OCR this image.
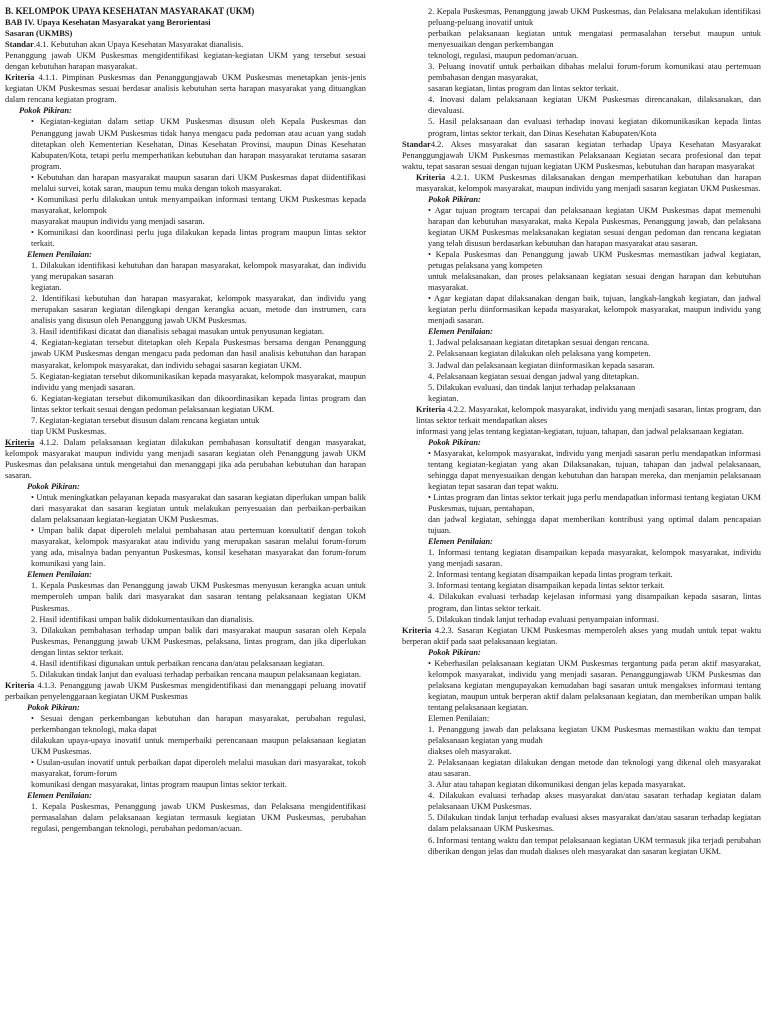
B. KELOMPOK UPAYA KESEHATAN MASYARAKAT (UKM)

BAB IV. Upaya Kesehatan Masyarakat yang Berorientasi

Sasaran (UKMBS)

Standar.4.1. Kebutuhan akan Upaya Kesehatan Masyarakat dianalisis.

Penanggung jawab UKM Puskesmas mengidentifikasi kegiatan-kegiatan UKM yang tersebut sesuai dengan kebutuhan harapan masyarakat.

Kriteria 4.1.1. Pimpinan Puskesmas dan Penanggungjawab UKM Puskesmas menetapkan jenis-jenis kegiatan UKM Puskesmas sesuai berdasar analisis kebutuhan serta harapan masyarakat yang dituangkan dalam rencana kegiatan program.

Pokok Pikiran:

• Kegiatan-kegiatan dalam setiap UKM Puskesmas disusun oleh Kepala Puskesmas dan Penanggung jawab UKM Puskesmas tidak hanya mengacu pada pedoman atau acuan yang sudah ditetapkan oleh Kementerian Kesehatan, Dinas Kesehatan Provinsi, maupun Dinas Kesehatan Kabupaten/Kota, tetapi perlu memperhatikan kebutuhan dan harapan masyarakat terutama sasaran program.

• Kebutuhan dan harapan masyarakat maupun sasaran dari UKM Puskesmas dapat diidentifikasi melalui survei, kotak saran, maupun temu muka dengan tokoh masyarakat.

• Komunikasi perlu dilakukan untuk menyampaikan informasi tentang UKM Puskesmas kepada masyarakat, kelompok

masyarakat maupun individu yang menjadi sasaran.

• Komunikasi dan koordinasi perlu juga dilakukan kepada lintas program maupun lintas sektor terkait.

Elemen Penilaian:

1. Dilakukan identifikasi kebutuhan dan harapan masyarakat, kelompok masyarakat, dan individu yang merupakan sasaran

kegiatan.

2. Identifikasi kebutuhan dan harapan masyarakat, kelompok masyarakat, dan individu yang merupakan sasaran kegiatan dilengkapi dengan kerangka acuan, metode dan instrumen, cara analisis yang disusun oleh Penanggung jawab UKM Puskesmas.

3. Hasil identifikasi dicatat dan dianalisis sebagai masukan untuk penyusunan kegiatan.

4. Kegiatan-kegiatan tersebut ditetapkan oleh Kepala Puskesmas bersama dengan Penanggung jawab UKM Puskesmas dengan mengacu pada pedoman dan hasil analisis kebutuhan dan harapan masyarakat, kelompok masyarakat, dan individu sebagai sasaran kegiatan UKM.

5. Kegiatan-kegiatan tersebut dikomunikasikan kepada masyarakat, kelompok masyarakat, maupun individu yang menjadi sasaran.

6. Kegiatan-kegiatan tersebut dikomunikasikan dan dikoordinasikan kepada lintas program dan lintas sektor terkait sesuai dengan pedoman pelaksanaan kegiatan UKM.

7. Kegiatan-kegiatan tersebut disusun dalam rencana kegiatan untuk

tiap UKM Puskesmas.

Kriteria 4.1.2. Dalam pelaksanaan kegiatan dilakukan pembahasan konsultatif dengan masyarakat, kelompok masyarakat maupun individu yang menjadi sasaran kegiatan oleh Penanggung jawab UKM Puskesmas dan pelaksana untuk mengetahui dan menanggapi jika ada perubahan kebutuhan dan harapan sasaran.

Pokok Pikiran:

• Untuk meningkatkan pelayanan kepada masyarakat dan sasaran kegiatan diperlukan umpan balik dari masyarakat dan sasaran kegiatan untuk melakukan penyesuaian dan perbaikan-perbaikan dalam pelaksanaan kegiatan-kegiatan UKM Puskesmas.

• Umpan balik dapat diperoleh melalui pembahasan atau pertemuan konsultatif dengan tokoh masyarakat, kelompok masyarakat atau individu yang merupakan sasaran melalui forum-forum yang ada, misalnya badan penyantun Puskesmas, konsil kesehatan masyarakat dan forum-forum komunikasi yang lain.

Elemen Penilaian:

1. Kepala Puskesmas dan Penanggung jawab UKM Puskesmas menyusun kerangka acuan untuk memperoleh umpan balik dari masyarakat dan sasaran tentang pelaksanaan kegiatan UKM Puskesmas.

2. Hasil identifikasi umpan balik didokumentasikan dan dianalisis.

3. Dilakukan pembahasan terhadap umpan balik dari masyarakat maupun sasaran oleh Kepala Puskesmas, Penanggung jawab UKM Puskesmas, pelaksana, lintas program, dan jika diperlukan dengan lintas sektor terkait.

4. Hasil identifikasi digunakan untuk perbaikan rencana dan/atau pelaksanaan kegiatan.

5. Dilakukan tindak lanjut dan evaluasi terhadap perbaikan rencana maupun pelaksanaan kegiatan.

Kriteria 4.1.3. Penanggung jawab UKM Puskesmas mengidentifikasi dan menanggapi peluang inovatif perbaikan penyelenggaraan kegiatan UKM Puskesmas

Pokok Pikiran:

• Sesuai dengan perkembangan kebutuhan dan harapan masyarakat, perubahan regulasi, perkembangan teknologi, maka dapat

dilakukan upaya-upaya inovatif untuk memperbaiki perencanaan maupun pelaksanaan kegiatan UKM Puskesmas.

• Usulan-usulan inovatif untuk perbaikan dapat diperoleh melalui masukan dari masyarakat, tokoh masyarakat, forum-forum

komunikasi dengan masyarakat, lintas program maupun lintas sektor terkait.

Elemen Penilaian:

1. Kepala Puskesmas, Penanggung jawab UKM Puskesmas, dan Pelaksana mengidentifikasi permasalahan dalam pelaksanaan kegiatan termasuk kegiatan UKM Puskesmas, perubahan regulasi, pengembangan teknologi, perubahan pedoman/acuan.

2. Kepala Puskesmas, Penanggung jawab UKM Puskesmas, dan Pelaksana melakukan identifikasi peluang-peluang inovatif untuk

perbaikan pelaksanaan kegiatan untuk mengatasi permasalahan tersebut maupun untuk menyesuaikan dengan perkembangan

teknologi, regulasi, maupun pedoman/acuan.

3. Peluang inovatif untuk perbaikan dibahas melalui forum-forum komunikasi atau pertemuan pembahasan dengan masyarakat,

sasaran kegiatan, lintas program dan lintas sektor terkait.

4. Inovasi dalam pelaksanaan kegiatan UKM Puskesmas direncanakan, dilaksanakan, dan dievaluasi.

5. Hasil pelaksanaan dan evaluasi terhadap inovasi kegiatan dikomunikasikan kepada lintas program, lintas sektor terkait, dan Dinas Kesehatan Kabupaten/Kota

Standar4.2. Akses masyarakat dan sasaran kegiatan terhadap Upaya Kesehatan Masyarakat Penanggungjawab UKM Puskesmas memastikan Pelaksanaan Kegiatan secara profesional dan tepat waktu, tepat sasaran sesuai dengan tujuan kegiatan UKM Puskesmas, kebutuhan dan harapan masyarakat

Kriteria 4.2.1. UKM Puskesmas dilaksanakan dengan memperhatikan kebutuhan dan harapan masyarakat, kelompok masyarakat, maupun individu yang menjadi sasaran kegiatan UKM Puskesmas.

Pokok Pikiran:

• Agar tujuan program tercapai dan pelaksanaan kegiatan UKM Puskesmas dapat memenuhi harapan dan kebutuhan masyarakat, maka Kepala Puskesmas, Penanggung jawab, dan pelaksana kegiatan UKM Puskesmas melaksanakan kegiatan sesuai dengan pedoman dan rencana kegiatan yang telah disusun berdasarkan kebutuhan dan harapan masyarakat atau sasaran.

• Kepala Puskesmas dan Penanggung jawab UKM Puskesmas memastikan jadwal kegiatan, petugas pelaksana yang kompeten

untuk melaksanakan, dan proses pelaksanaan kegiatan sesuai dengan harapan dan kebutuhan masyarakat.

• Agar kegiatan dapat dilaksanakan dengan baik, tujuan, langkah-langkah kegiatan, dan jadwal kegiatan perlu diinformasikan kepada masyarakat, kelompok masyarakat, maupun individu yang menjadi sasaran.

Elemen Penilaian:

1. Jadwal pelaksanaan kegiatan ditetapkan sesuai dengan rencana.

2. Pelaksanaan kegiatan dilakukan oleh pelaksana yang kompeten.

3. Jadwal dan pelaksanaan kegiatan diinformasikan kepada sasaran.

4. Pelaksanaan kegiatan sesuai dengan jadwal yang ditetapkan.

5. Dilakukan evaluasi, dan tindak lanjut terhadap pelaksanaan

kegiatan.

Kriteria 4.2.2. Masyarakat, kelompok masyarakat, individu yang menjadi sasaran, lintas program, dan lintas sektor terkait mendapatkan akses

informasi yang jelas tentang kegiatan-kegiatan, tujuan, tahapan, dan jadwal pelaksanaan kegiatan.

Pokok Pikiran:

• Masyarakat, kelompok masyarakat, individu yang menjadi sasaran perlu mendapatkan informasi tentang kegiatan-kegiatan yang akan Dilaksanakan, tujuan, tahapan dan jadwal pelaksanaan, sehingga dapat menyesuaikan dengan kebutuhan dan harapan mereka, dan menjamin pelaksanaan kegiatan tepat sasaran dan tepat waktu.

• Lintas program dan lintas sektor terkait juga perlu mendapatkan informasi tentang kegiatan UKM Puskesmas, tujuan, pentahapan,

dan jadwal kegiatan, sehingga dapat memberikan kontribusi yang optimal dalam pencapaian tujuan.

Elemen Penilaian:

1. Informasi tentang kegiatan disampaikan kepada masyarakat, kelompok masyarakat, individu yang menjadi sasaran.

2. Informasi tentang kegiatan disampaikan kepada lintas program terkait.

3. Informasi tentang kegiatan disampaikan kepada lintas sektor terkait.

4. Dilakukan evaluasi terhadap kejelasan informasi yang disampaikan kepada sasaran, lintas program, dan lintas sektor terkait.

5. Dilakukan tindak lanjut terhadap evaluasi penyampaian informasi.

Kriteria 4.2.3. Sasaran Kegiatan UKM Puskesmas memperoleh akses yang mudah untuk tepat waktu berperan aktif pada saat pelaksanaan kegiatan.

Pokok Pikiran:

• Keberhasilan pelaksanaan kegiatan UKM Puskesmas tergantung pada peran aktif masyarakat, kelompok masyarakat, individu yang menjadi sasaran. Penanggungjawab UKM Puskesmas dan pelaksana kegiatan mengupayakan kemudahan bagi sasaran untuk mengakses informasi tentang kegiatan, maupun untuk berperan aktif dalam pelaksanaan kegiatan, dan memberikan umpan balik tentang pelaksanaan kegiatan.

Elemen Penilaian:

1. Penanggung jawab dan pelaksana kegiatan UKM Puskesmas memastikan waktu dan tempat pelaksanaan kegiatan yang mudah

diakses oleh masyarakat.

2. Pelaksanaan kegiatan dilakukan dengan metode dan teknologi yang dikenal oleh masyarakat atau sasaran.

3. Alur atau tahapan kegiatan dikomunikasi dengan jelas kepada masyarakat.

4. Dilakukan evaluasi terhadap akses masyarakat dan/atau sasaran terhadap kegiatan dalam pelaksanaan UKM Puskesmas.

5. Dilakukan tindak lanjut terhadap evaluasi akses masyarakat dan/atau sasaran terhadap kegiatan dalam pelaksanaan UKM Puskesmas.

6. Informasi tentang waktu dan tempat pelaksanaan kegiatan UKM termasuk jika terjadi perubahan diberikan dengan jelas dan mudah diakses oleh masyarakat dan sasaran kegiatan UKM.
